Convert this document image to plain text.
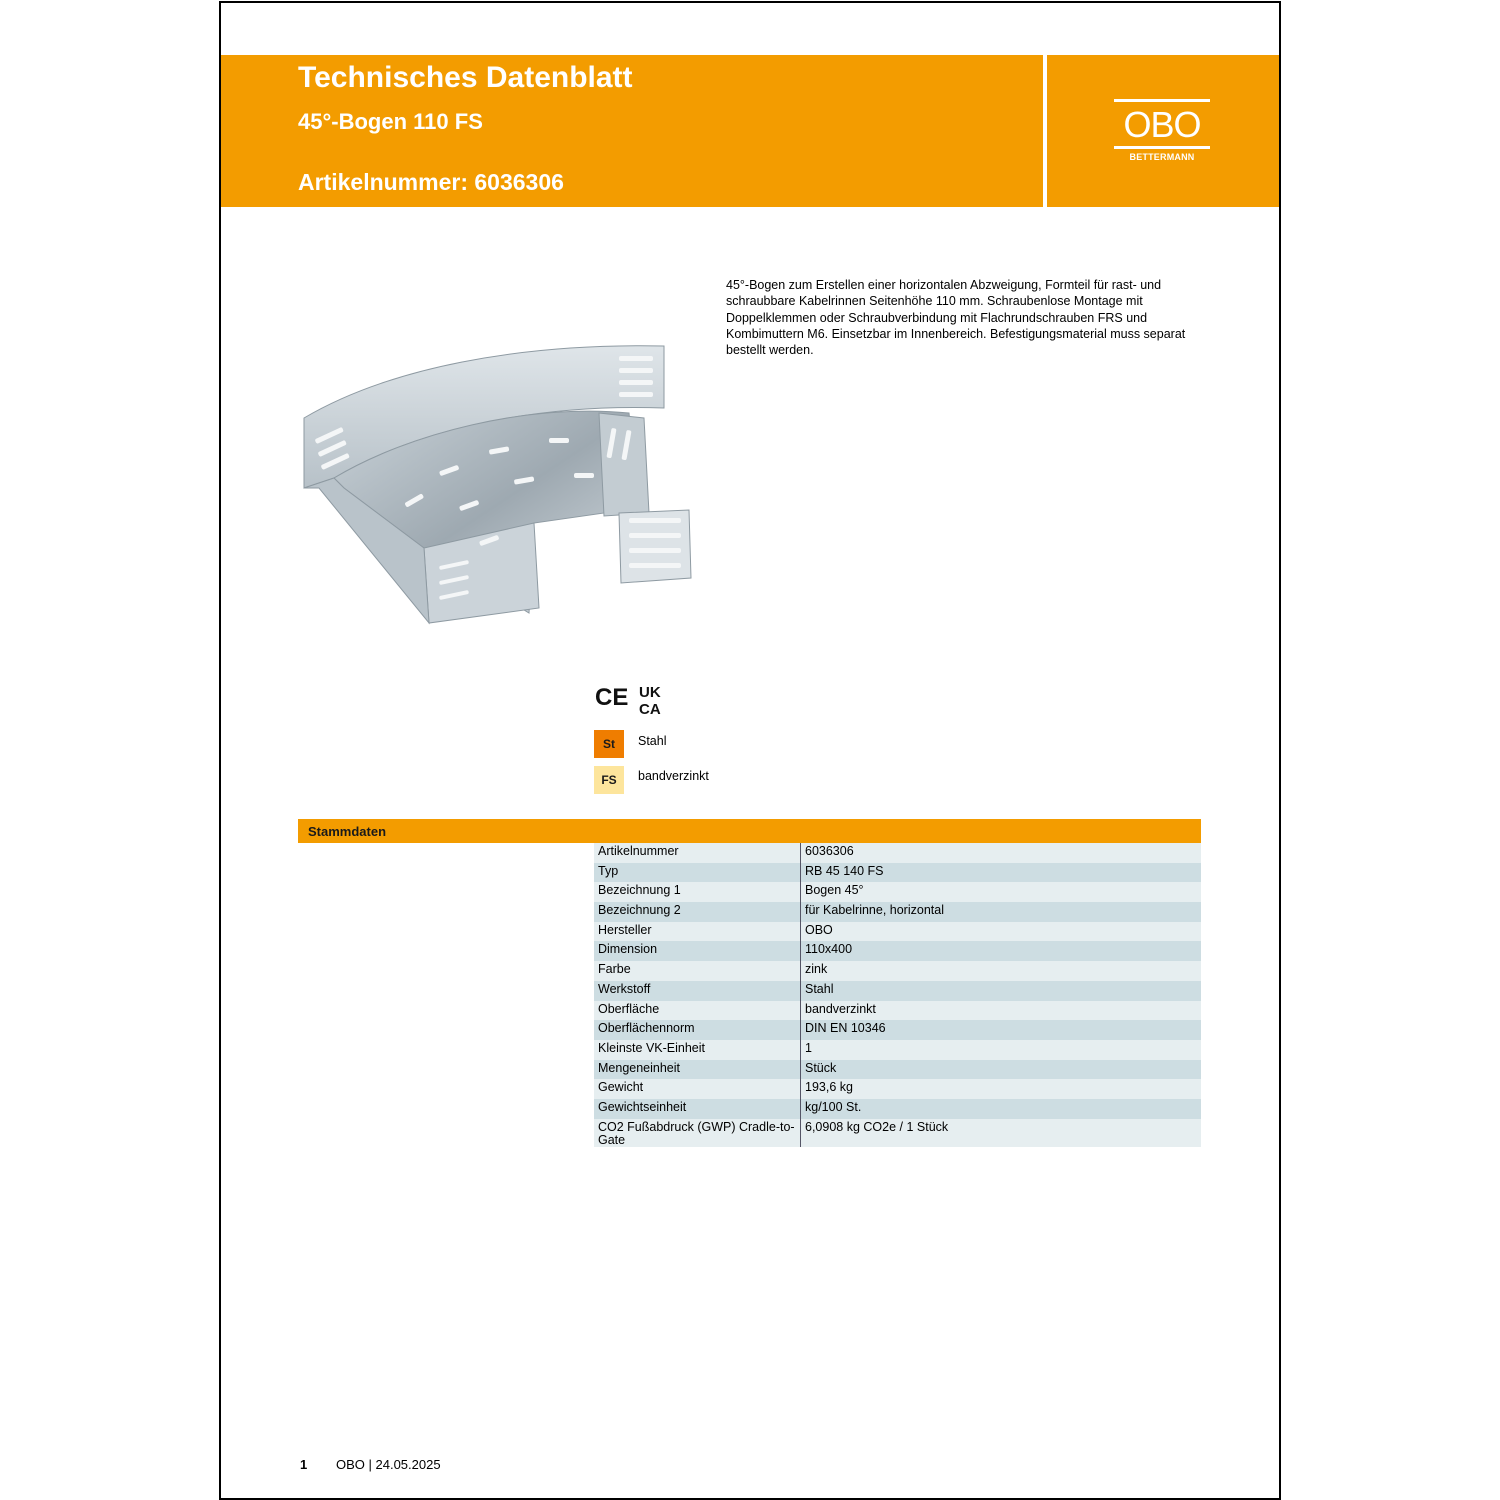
Technisches Datenblatt
45°-Bogen 110 FS
Artikelnummer: 6036306
OBO
BETTERMANN
45°-Bogen zum Erstellen einer horizontalen Abzweigung, Formteil für rast- und schraubbare Kabelrinnen Seitenhöhe 110 mm. Schraubenlose Montage mit Doppelklemmen oder Schraubverbindung mit Flachrundschrauben FRS und Kombimuttern M6. Einsetzbar im Innenbereich. Befestigungsmaterial muss separat bestellt werden.
CE UK
CA
St	Stahl
FS	bandverzinkt
Stammdaten
Artikelnummer	6036306
Typ	RB 45 140 FS
Bezeichnung 1	Bogen 45°
Bezeichnung 2	für Kabelrinne, horizontal
Hersteller	OBO
Dimension	110x400
Farbe	zink
Werkstoff	Stahl
Oberfläche	bandverzinkt
Oberflächennorm	DIN EN 10346
Kleinste VK-Einheit	1
Mengeneinheit	Stück
Gewicht	193,6 kg
Gewichtseinheit	kg/100 St.
CO2 Fußabdruck (GWP) Cradle-to-Gate	6,0908 kg CO2e / 1 Stück
1 OBO | 24.05.2025
